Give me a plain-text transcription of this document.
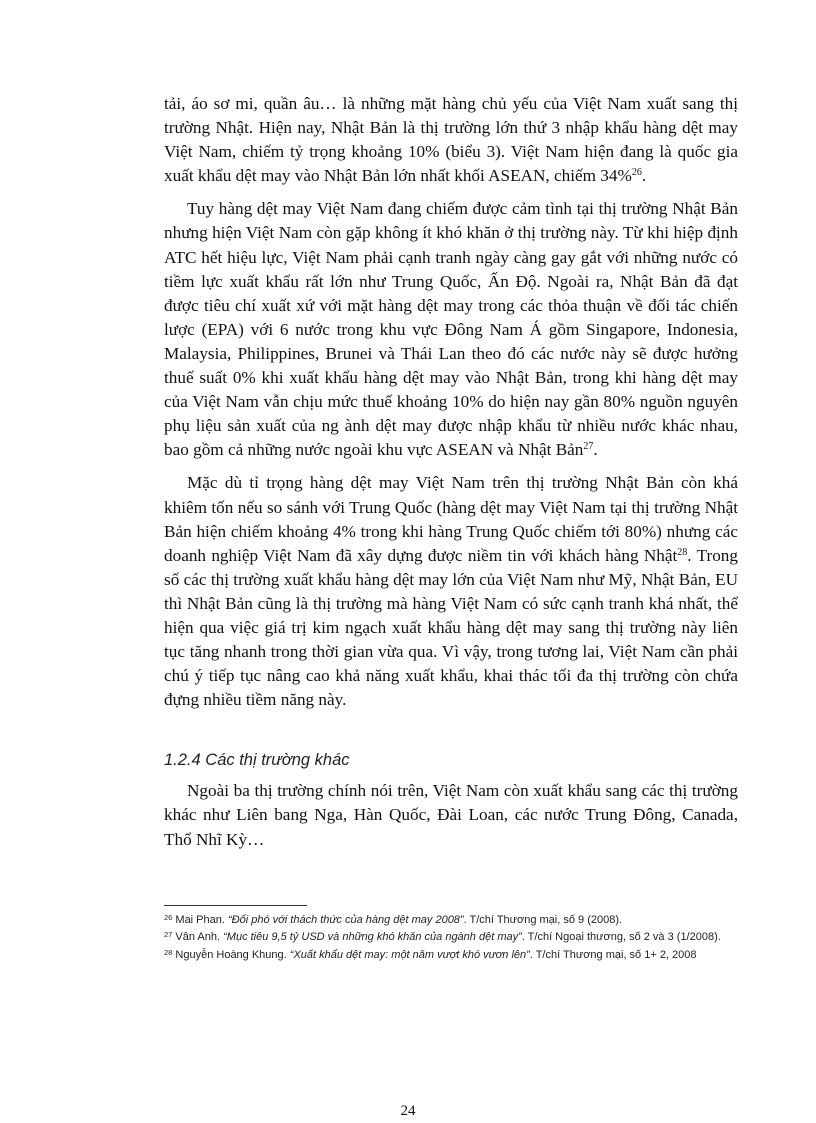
tải, áo sơ mi, quần âu… là những mặt hàng chủ yếu của Việt Nam xuất sang thị trường Nhật. Hiện nay, Nhật Bản là thị trường lớn thứ 3 nhập khẩu hàng dệt may Việt Nam, chiếm tỷ trọng khoảng 10% (biểu 3). Việt Nam hiện đang là quốc gia xuất khẩu dệt may vào Nhật Bản lớn nhất khối ASEAN, chiếm 34%$^{26}$.

Tuy hàng dệt may Việt Nam đang chiếm được cảm tình tại thị trường Nhật Bản nhưng hiện Việt Nam còn gặp không ít khó khăn ở thị trường này. Từ khi hiệp định ATC hết hiệu lực, Việt Nam phải cạnh tranh ngày càng gay gắt với những nước có tiềm lực xuất khẩu rất lớn như Trung Quốc, Ấn Độ. Ngoài ra, Nhật Bản đã đạt được tiêu chí xuất xứ với mặt hàng dệt may trong các thỏa thuận về đối tác chiến lược (EPA) với 6 nước trong khu vực Đông Nam Á gồm Singapore, Indonesia, Malaysia, Philippines, Brunei và Thái Lan theo đó các nước này sẽ được hưởng thuế suất 0% khi xuất khẩu hàng dệt may vào Nhật Bản, trong khi hàng dệt may của Việt Nam vẫn chịu mức thuế khoảng 10% do hiện nay gần 80% nguồn nguyên phụ liệu sản xuất của ng ành dệt may được nhập khẩu từ nhiều nước khác nhau, bao gồm cả những nước ngoài khu vực ASEAN và Nhật Bản$^{27}$.

Mặc dù tỉ trọng hàng dệt may Việt Nam trên thị trường Nhật Bản còn khá khiêm tốn nếu so sánh với Trung Quốc (hàng dệt may Việt Nam tại thị trường Nhật Bản hiện chiếm khoảng 4% trong khi hàng Trung Quốc chiếm tới 80%) nhưng các doanh nghiệp Việt Nam đã xây dựng được niềm tin với khách hàng Nhật$^{28}$. Trong số các thị trường xuất khẩu hàng dệt may lớn của Việt Nam như Mỹ, Nhật Bản, EU thì Nhật Bản cũng là thị trường mà hàng Việt Nam có sức cạnh tranh khá nhất, thể hiện qua việc giá trị kim ngạch xuất khẩu hàng dệt may sang thị trường này liên tục tăng nhanh trong thời gian vừa qua. Vì vậy, trong tương lai, Việt Nam cần phải chú ý tiếp tục nâng cao khả năng xuất khẩu, khai thác tối đa thị trường còn chứa đựng nhiều tiềm năng này.

1.2.4 Các thị trường khác

Ngoài ba thị trường chính nói trên, Việt Nam còn xuất khẩu sang các thị trường khác như Liên bang Nga, Hàn Quốc, Đài Loan, các nước Trung Đông, Canada, Thổ Nhĩ Kỳ…

$^{26}$ Mai Phan. “Đối phó với thách thức của hàng dệt may 2008”. T/chí Thương mại, số 9 (2008).

$^{27}$ Vân Anh. “Mục tiêu 9,5 tỷ USD và những khó khăn của ngành dệt may”. T/chí Ngoại thương, số 2 và 3 (1/2008).

$^{28}$ Nguyễn Hoàng Khung. “Xuất khẩu dệt may: một năm vượt khó vươn lên”. T/chí Thương mại, số 1+ 2, 2008

24
